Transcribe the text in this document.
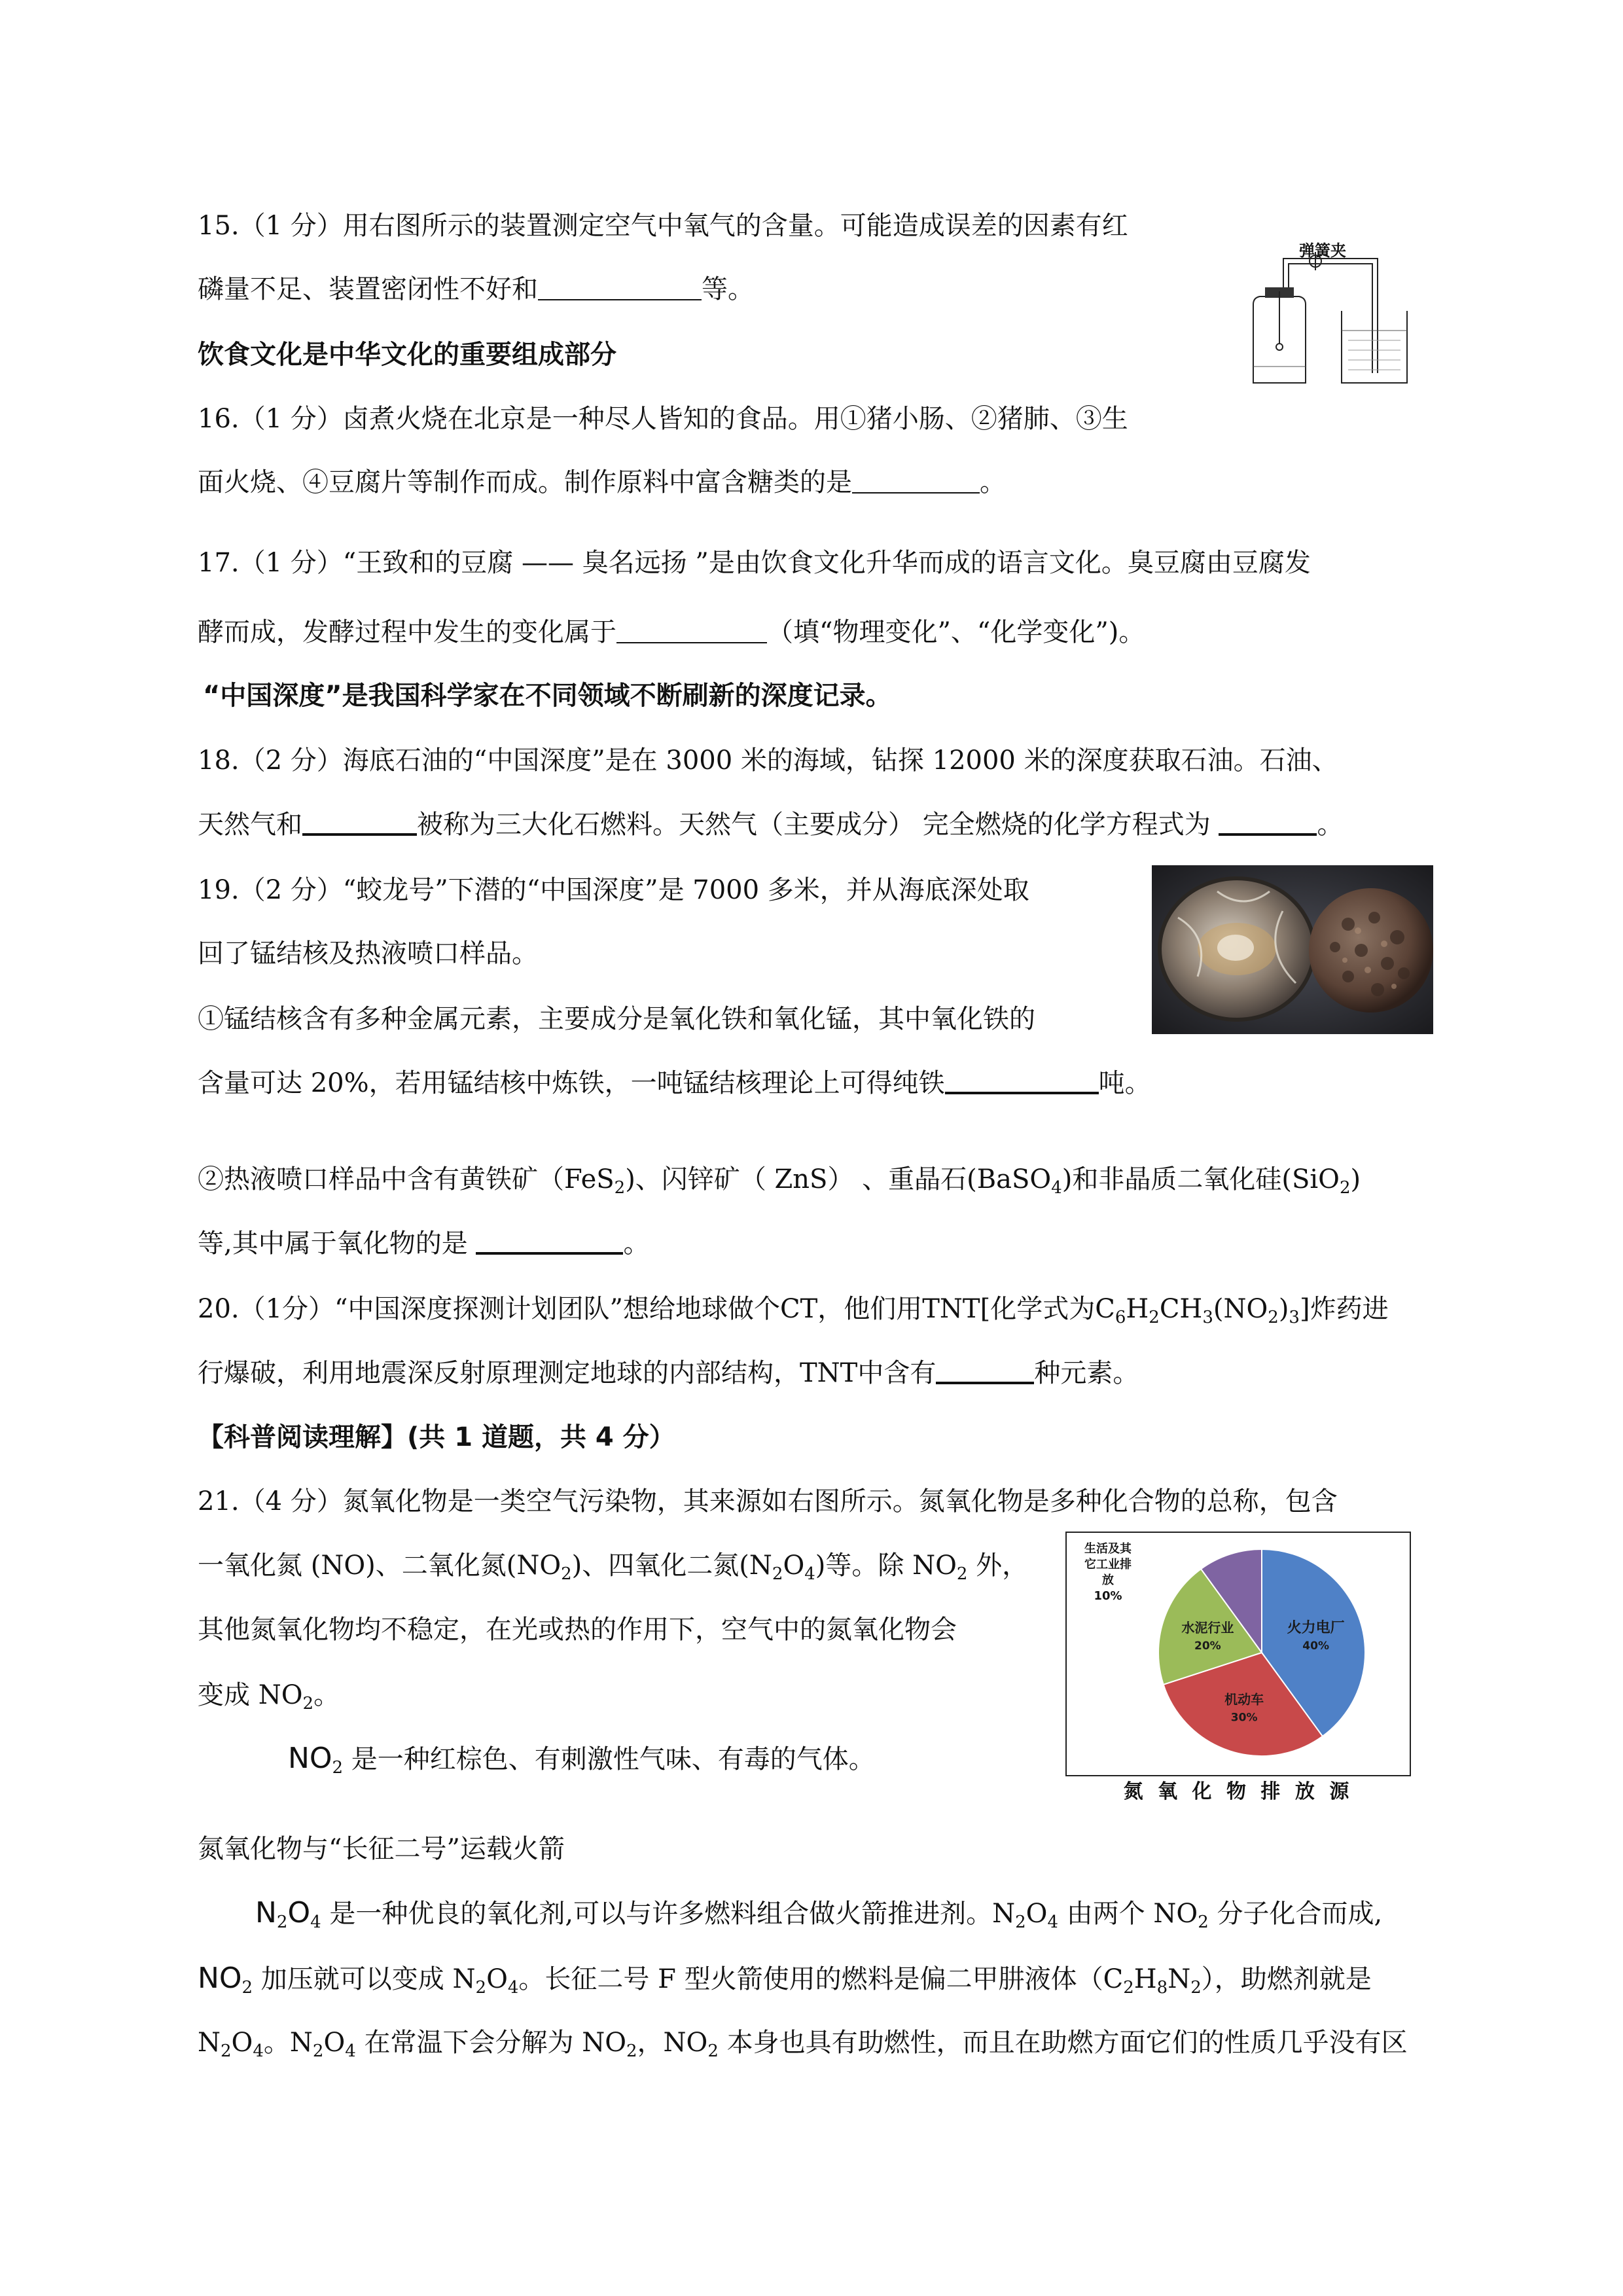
15.（1 分）用右图所示的装置测定空气中氧气的含量。可能造成误差的因素有红
磷量不足、装置密闭性不好和	等。
弹簧夹
饮食文化是中华文化的重要组成部分
16.（1 分）卤煮火烧在北京是一种尽人皆知的食品。用①猪小肠、②猪肺、③生
面火烧、④豆腐片等制作而成。制作原料中富含糖类的是	。
17.（1 分）“王致和的豆腐 —— 臭名远扬 ”是由饮食文化升华而成的语言文化。臭豆腐由豆腐发
酵而成，发酵过程中发生的变化属于	（填“物理变化”、“化学变化”)。
“中国深度”是我国科学家在不同领域不断刷新的深度记录。
18.（2 分）海底石油的“中国深度”是在 3000 米的海域，钻探 12000 米的深度获取石油。石油、
天然气和	被称为三大化石燃料。天然气（主要成分） 完全燃烧的化学方程式为	。
19.（2 分）“蛟龙号”下潜的“中国深度”是 7000 多米，并从海底深处取
回了锰结核及热液喷口样品。
①锰结核含有多种金属元素，主要成分是氧化铁和氧化锰，其中氧化铁的
含量可达 20%，若用锰结核中炼铁，一吨锰结核理论上可得纯铁	吨。
②热液喷口样品中含有黄铁矿（FeS$_2$)、闪锌矿（ ZnS） 、重晶石(BaSO$_4$)和非晶质二氧化硅(SiO$_2$)
等,其中属于氧化物的是	。
20.（1分）“中国深度探测计划团队”想给地球做个CT，他们用TNT[化学式为$C_6H_2CH_3(NO_2)_3$]炸药进
行爆破，利用地震深反射原理测定地球的内部结构，TNT中含有	种元素。
【科普阅读理解】(共 1 道题，共 4 分）
21.（4 分）氮氧化物是一类空气污染物，其来源如右图所示。氮氧化物是多种化合物的总称，包含
一氧化氮 (NO)、二氧化氮$(NO_2)$、四氧化二氮$(N_2O_4)$等。除 $NO_2$ 外，
其他氮氧化物均不稳定，在光或热的作用下，空气中的氮氧化物会
变成 $NO_2$。
$NO_2$ 是一种红棕色、有刺激性气味、有毒的气体。
火力电厂
40%
机动车
30%
水泥行业
20%
生活及其
它工业排
放
10%
氮 氧 化 物 排 放 源
氮氧化物与“长征二号”运载火箭
$N_2O_4$ 是一种优良的氧化剂,可以与许多燃料组合做火箭推进剂。$N_2O_4$ 由两个 $NO_2$ 分子化合而成,
$NO_2$ 加压就可以变成 $N_2O_4$。长征二号 F 型火箭使用的燃料是偏二甲肼液体$(C_2H_8N_2)$，助燃剂就是
$N_2O_4$。$N_2O_4$ 在常温下会分解为 $NO_2$，$NO_2$ 本身也具有助燃性，而且在助燃方面它们的性质几乎没有区
